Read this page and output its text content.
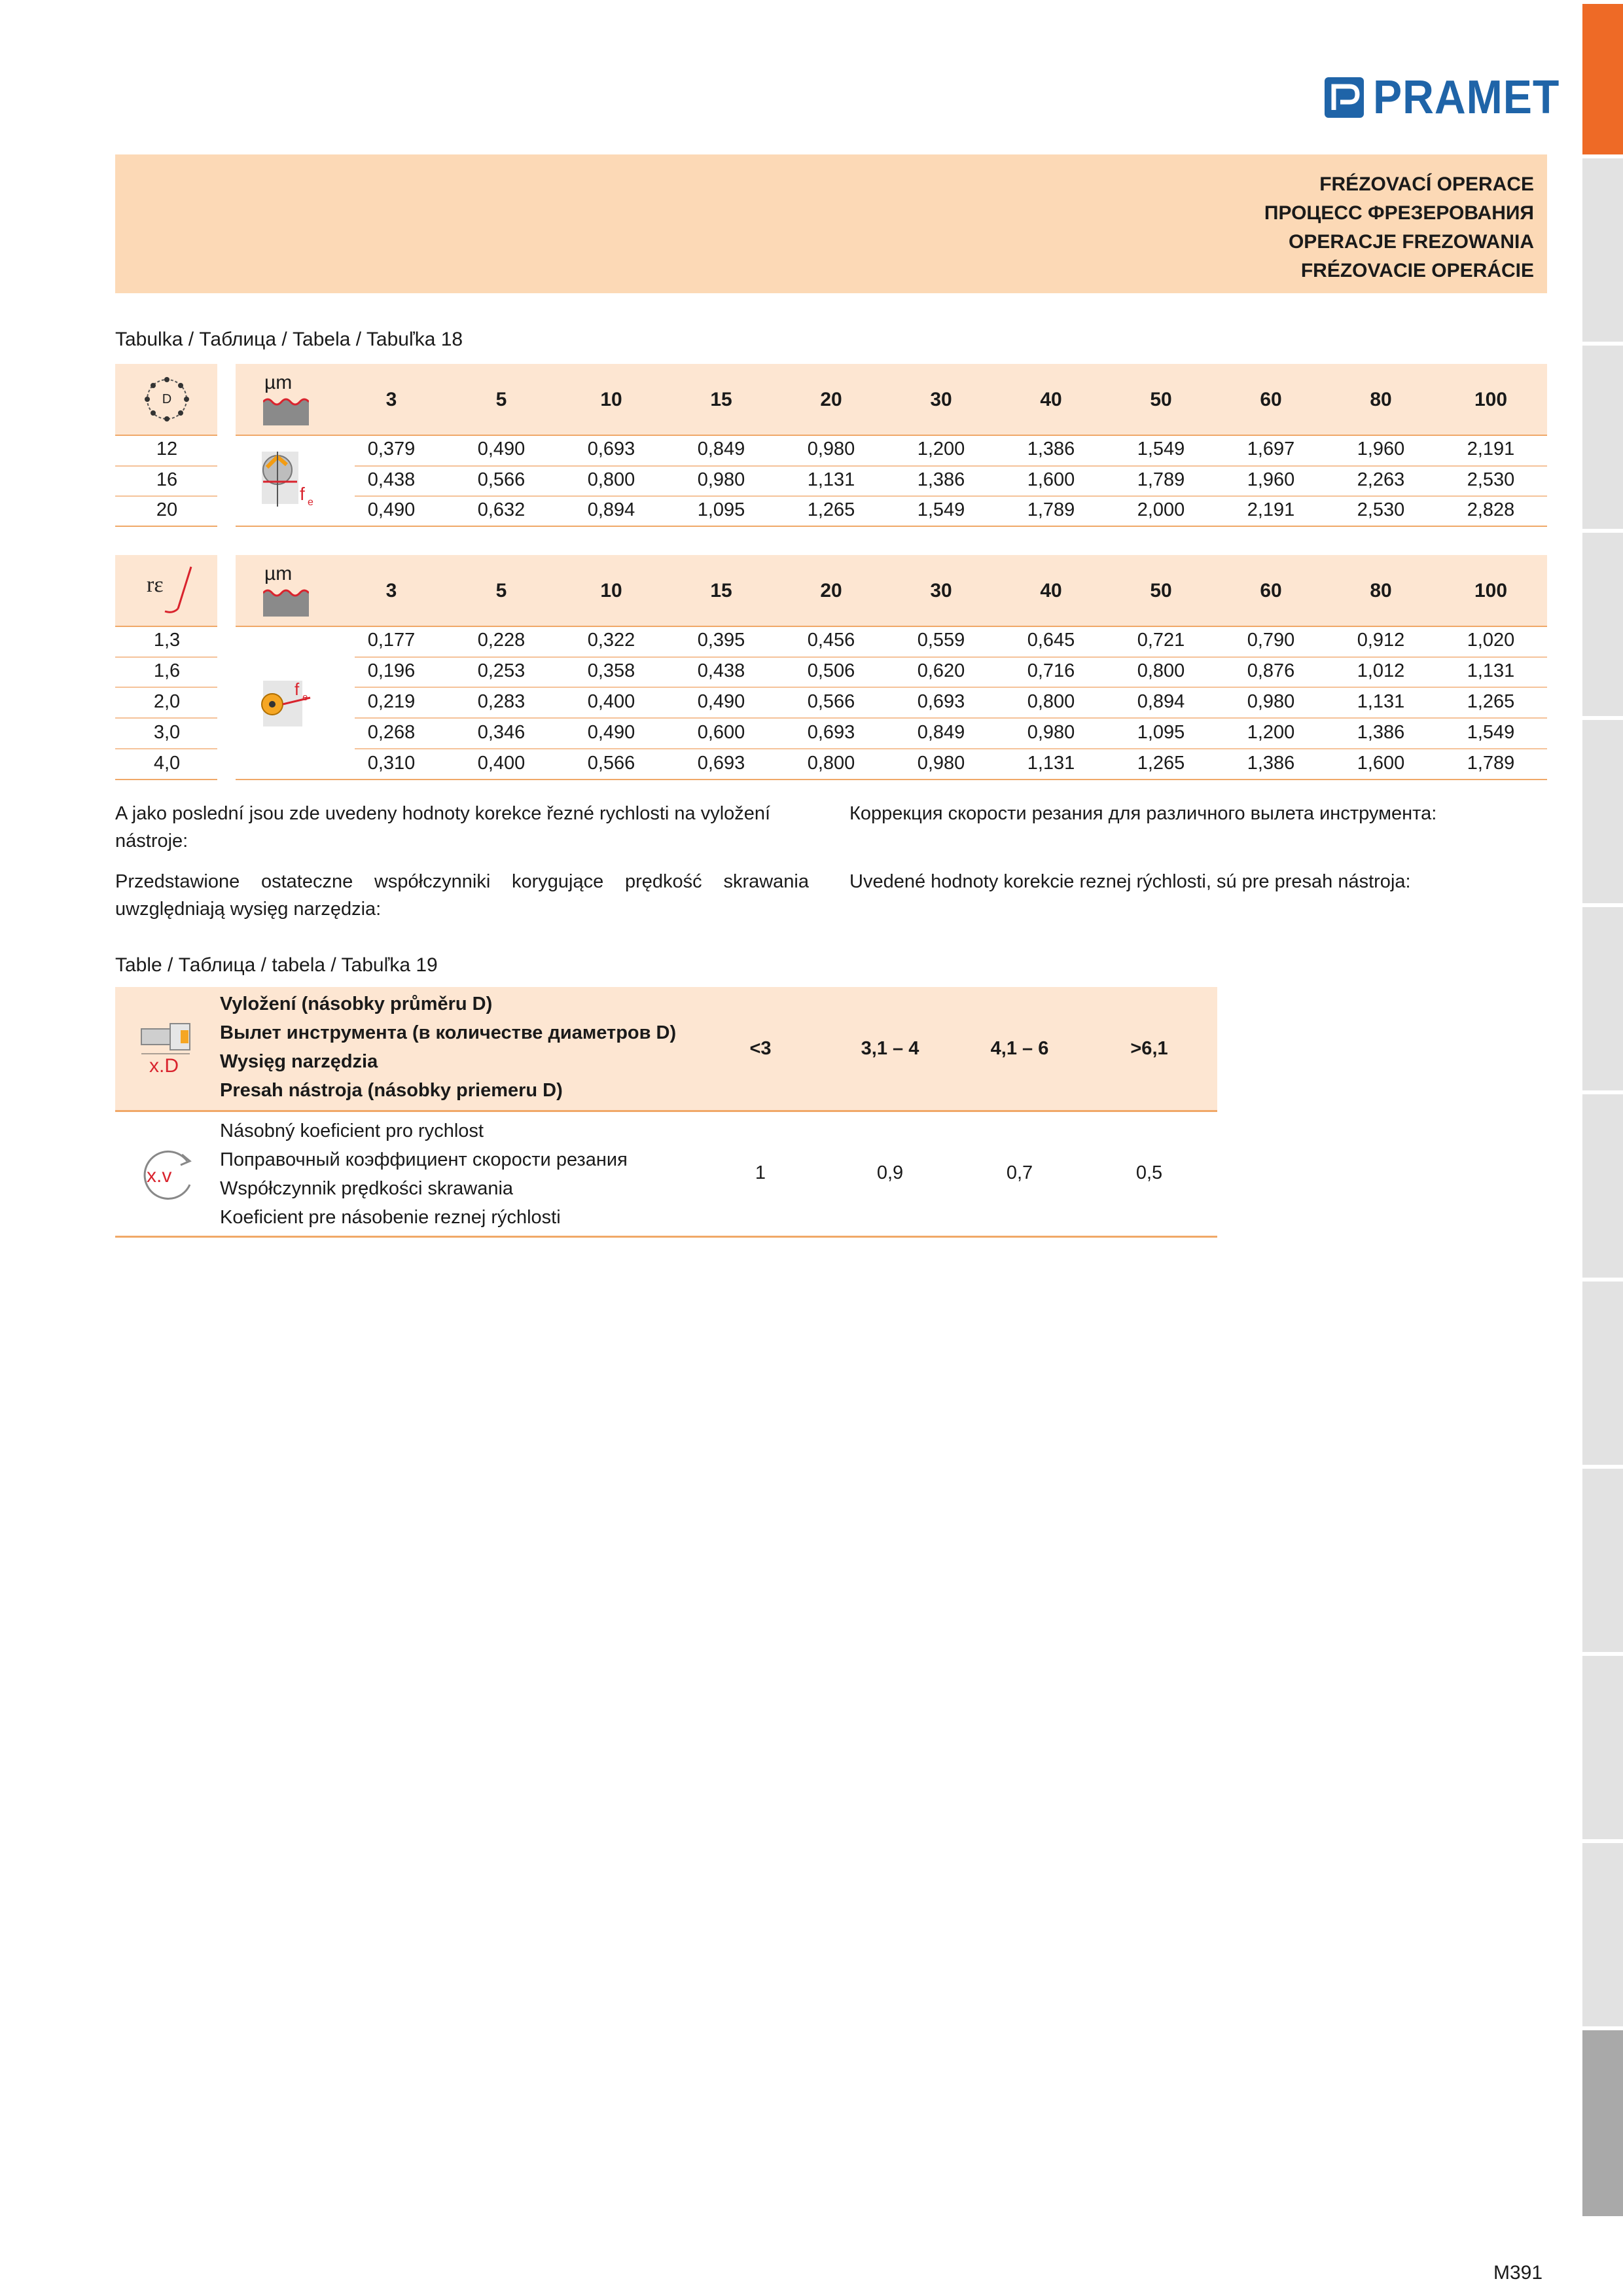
PRAMET
FRÉZOVACÍ OPERACE
ПРОЦЕСС ФРЕЗЕРОВАНИЯ
OPERACJE FREZOWANIA
FRÉZOVACIE OPERÁCIE
Tabulka / Таблица / Tabela / Tabuľka 18
D
µm
3	5	10	15	20	30	40	50	60	80	100
f e
12	0,379	0,490	0,693	0,849	0,980	1,200	1,386	1,549	1,697	1,960	2,191
16	0,438	0,566	0,800	0,980	1,131	1,386	1,600	1,789	1,960	2,263	2,530
20	0,490	0,632	0,894	1,095	1,265	1,549	1,789	2,000	2,191	2,530	2,828
rε	µm
3	5	10	15	20	30	40	50	60	80	100
f e
1,3	0,177	0,228	0,322	0,395	0,456	0,559	0,645	0,721	0,790	0,912	1,020
1,6	0,196	0,253	0,358	0,438	0,506	0,620	0,716	0,800	0,876	1,012	1,131
2,0	0,219	0,283	0,400	0,490	0,566	0,693	0,800	0,894	0,980	1,131	1,265
3,0	0,268	0,346	0,490	0,600	0,693	0,849	0,980	1,095	1,200	1,386	1,549
4,0	0,310	0,400	0,566	0,693	0,800	0,980	1,131	1,265	1,386	1,600	1,789
A jako poslední jsou zde uvedeny hodnoty korekce řezné rychlosti na vyložení nástroje:
Коррекция скорости резания для различного вылета инструмента:
Przedstawione ostateczne współczynniki korygujące prędkość skrawania uwzględniają wysięg narzędzia:
Uvedené hodnoty korekcie reznej rýchlosti, sú pre presah nástroja:
Table / Таблица / tabela / Tabuľka 19
x.D
Vyložení (násobky průměru D)
Вылет инструмента (в количестве диаметров D)
Wysięg narzędzia
Presah nástroja (násobky priemeru D)
<3	3,1 – 4	4,1 – 6	>6,1
x.v
Násobný koeficient pro rychlost
Поправочный коэффициент скорости резания
Współczynnik prędkości skrawania
Koeficient pre násobenie reznej rýchlosti
1	0,9	0,7	0,5
M391
